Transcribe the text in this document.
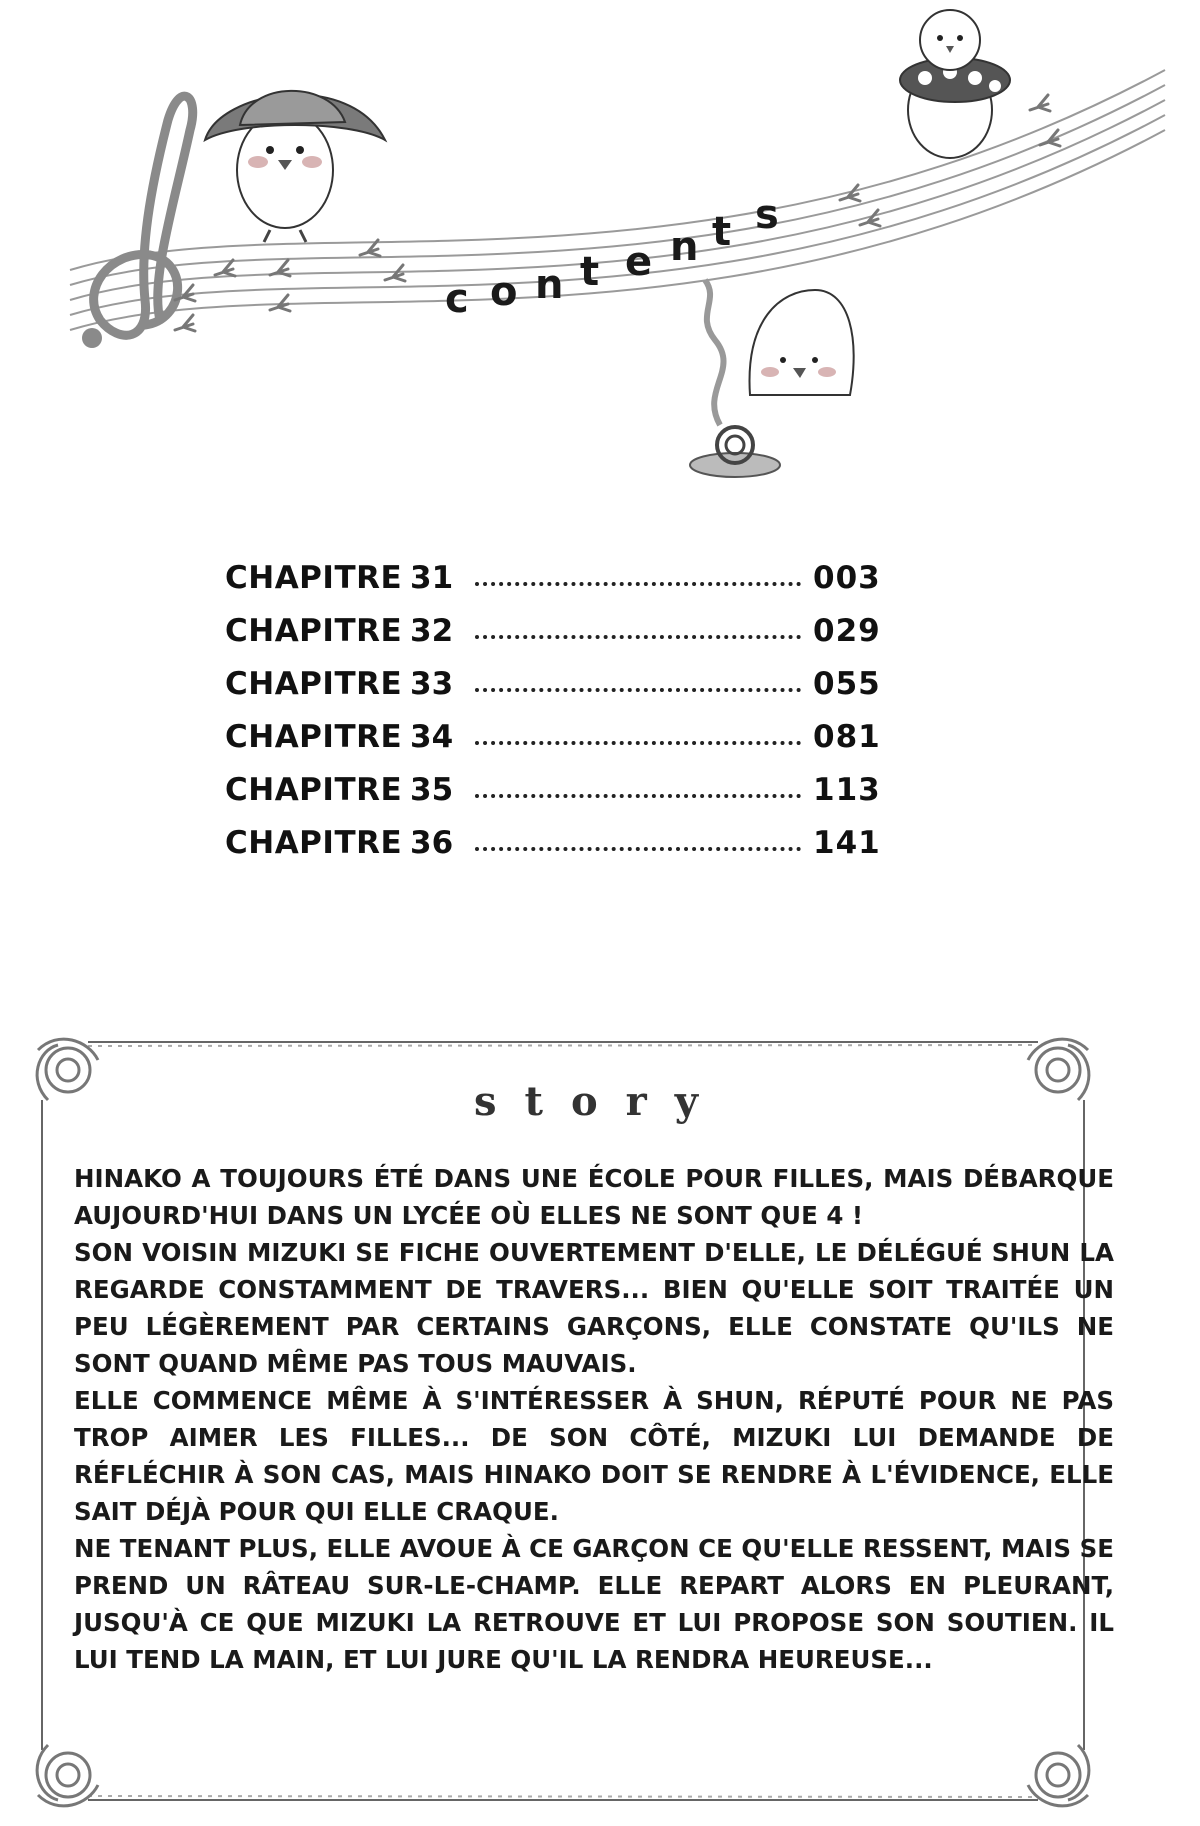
c o n t e n t s
CHAPITRE 31	003
CHAPITRE 32	029
CHAPITRE 33	055
CHAPITRE 34	081
CHAPITRE 35	113
CHAPITRE 36	141
story

HINAKO A TOUJOURS ÉTÉ DANS UNE ÉCOLE POUR FILLES, MAIS DÉBARQUE AUJOURD'HUI DANS UN LYCÉE OÙ ELLES NE SONT QUE 4 !

SON VOISIN MIZUKI SE FICHE OUVERTEMENT D'ELLE, LE DÉLÉGUÉ SHUN LA REGARDE CONSTAMMENT DE TRAVERS... BIEN QU'ELLE SOIT TRAITÉE UN PEU LÉGÈREMENT PAR CERTAINS GARÇONS, ELLE CONSTATE QU'ILS NE SONT QUAND MÊME PAS TOUS MAUVAIS.

ELLE COMMENCE MÊME À S'INTÉRESSER À SHUN, RÉPUTÉ POUR NE PAS TROP AIMER LES FILLES... DE SON CÔTÉ, MIZUKI LUI DEMANDE DE RÉFLÉCHIR À SON CAS, MAIS HINAKO DOIT SE RENDRE À L'ÉVIDENCE, ELLE SAIT DÉJÀ POUR QUI ELLE CRAQUE.

NE TENANT PLUS, ELLE AVOUE À CE GARÇON CE QU'ELLE RESSENT, MAIS SE PREND UN RÂTEAU SUR-LE-CHAMP. ELLE REPART ALORS EN PLEURANT, JUSQU'À CE QUE MIZUKI LA RETROUVE ET LUI PROPOSE SON SOUTIEN. IL LUI TEND LA MAIN, ET LUI JURE QU'IL LA RENDRA HEUREUSE...
